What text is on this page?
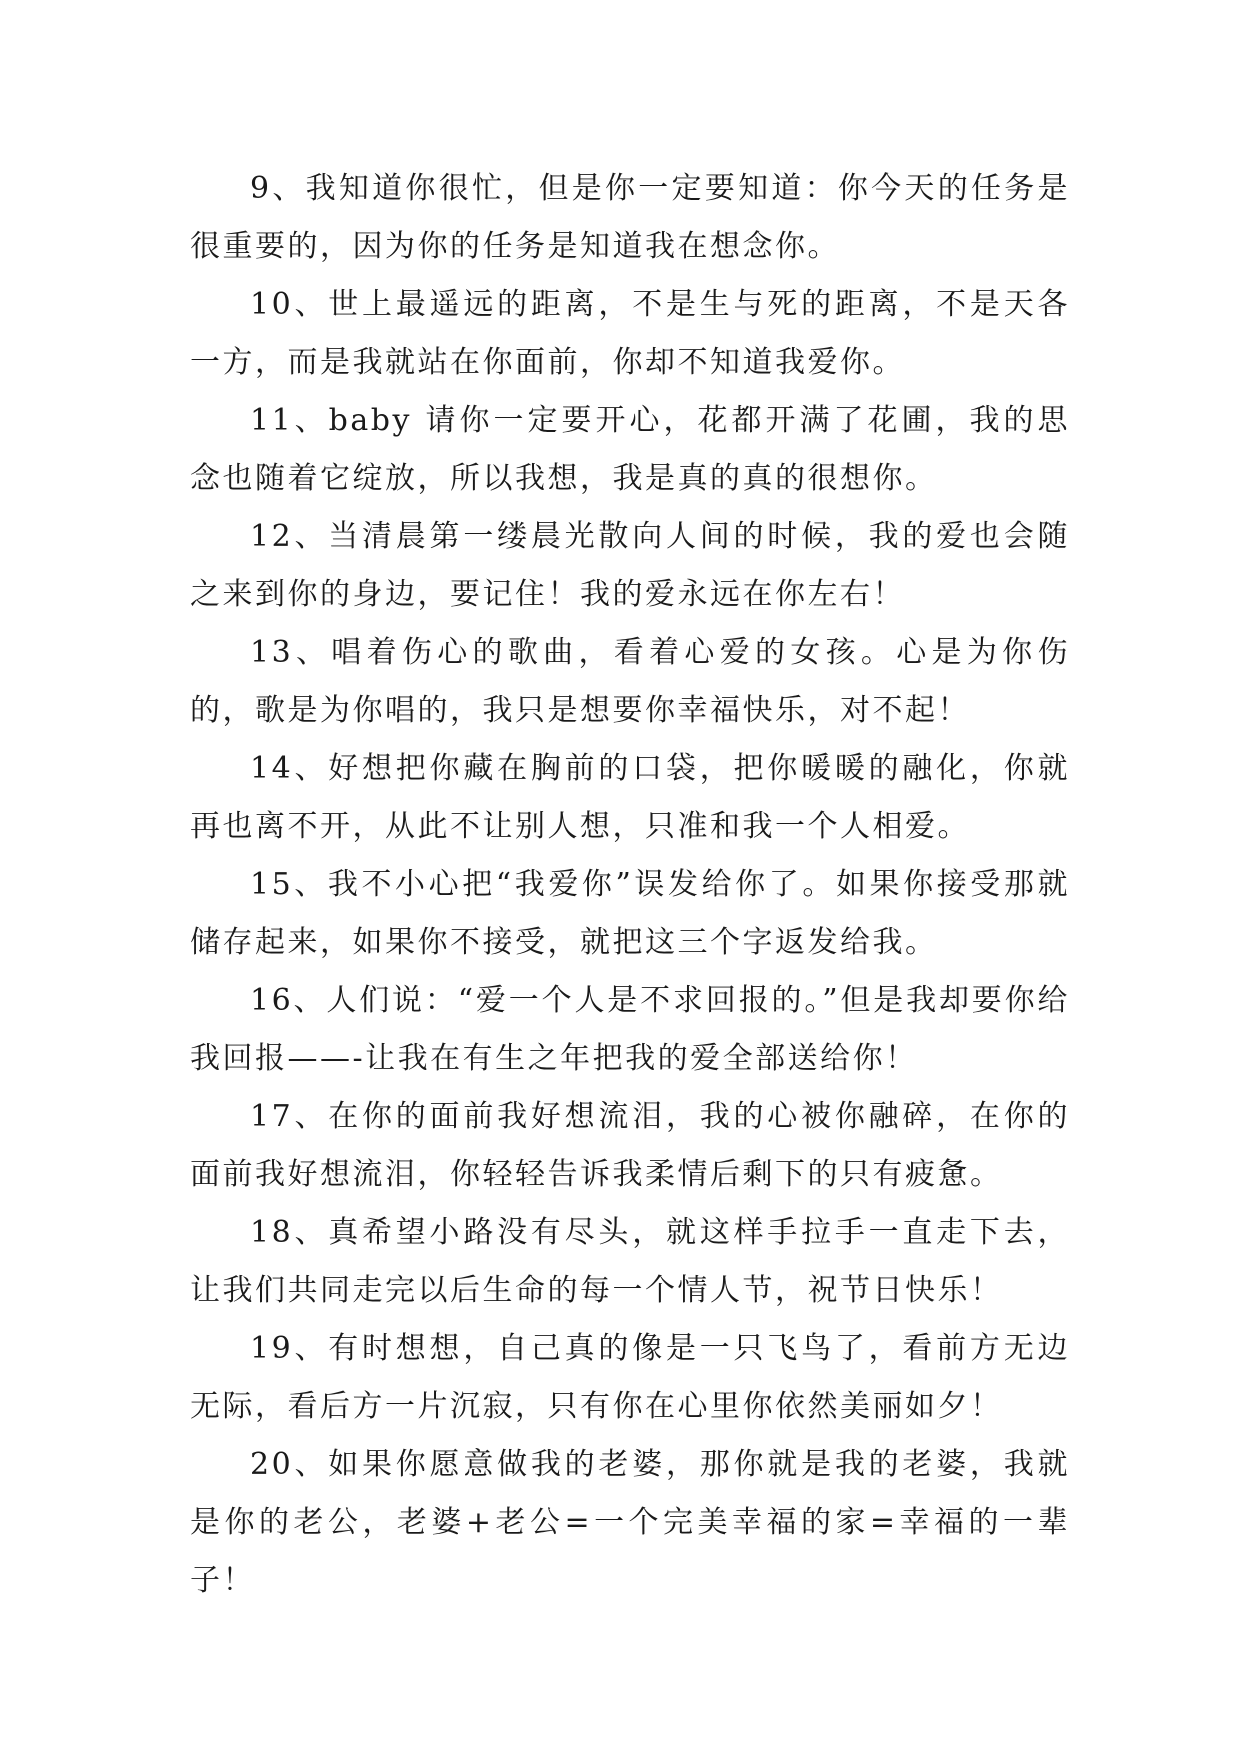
9、我知道你很忙，但是你一定要知道：你今天的任务是很重要的，因为你的任务是知道我在想念你。

10、世上最遥远的距离，不是生与死的距离，不是天各一方，而是我就站在你面前，你却不知道我爱你。

11、baby 请你一定要开心，花都开满了花圃，我的思念也随着它绽放，所以我想，我是真的真的很想你。

12、当清晨第一缕晨光散向人间的时候，我的爱也会随之来到你的身边，要记住！我的爱永远在你左右！

13、唱着伤心的歌曲，看着心爱的女孩。心是为你伤的，歌是为你唱的，我只是想要你幸福快乐，对不起！

14、好想把你藏在胸前的口袋，把你暖暖的融化，你就再也离不开，从此不让别人想，只准和我一个人相爱。

15、我不小心把“我爱你”误发给你了。如果你接受那就储存起来，如果你不接受，就把这三个字返发给我。

16、人们说：“爱一个人是不求回报的。”但是我却要你给我回报——-让我在有生之年把我的爱全部送给你！

17、在你的面前我好想流泪，我的心被你融碎，在你的面前我好想流泪，你轻轻告诉我柔情后剩下的只有疲惫。

18、真希望小路没有尽头，就这样手拉手一直走下去，让我们共同走完以后生命的每一个情人节，祝节日快乐！

19、有时想想，自己真的像是一只飞鸟了，看前方无边无际，看后方一片沉寂，只有你在心里你依然美丽如夕！

20、如果你愿意做我的老婆，那你就是我的老婆，我就是你的老公，老婆+老公=一个完美幸福的家=幸福的一辈子！
